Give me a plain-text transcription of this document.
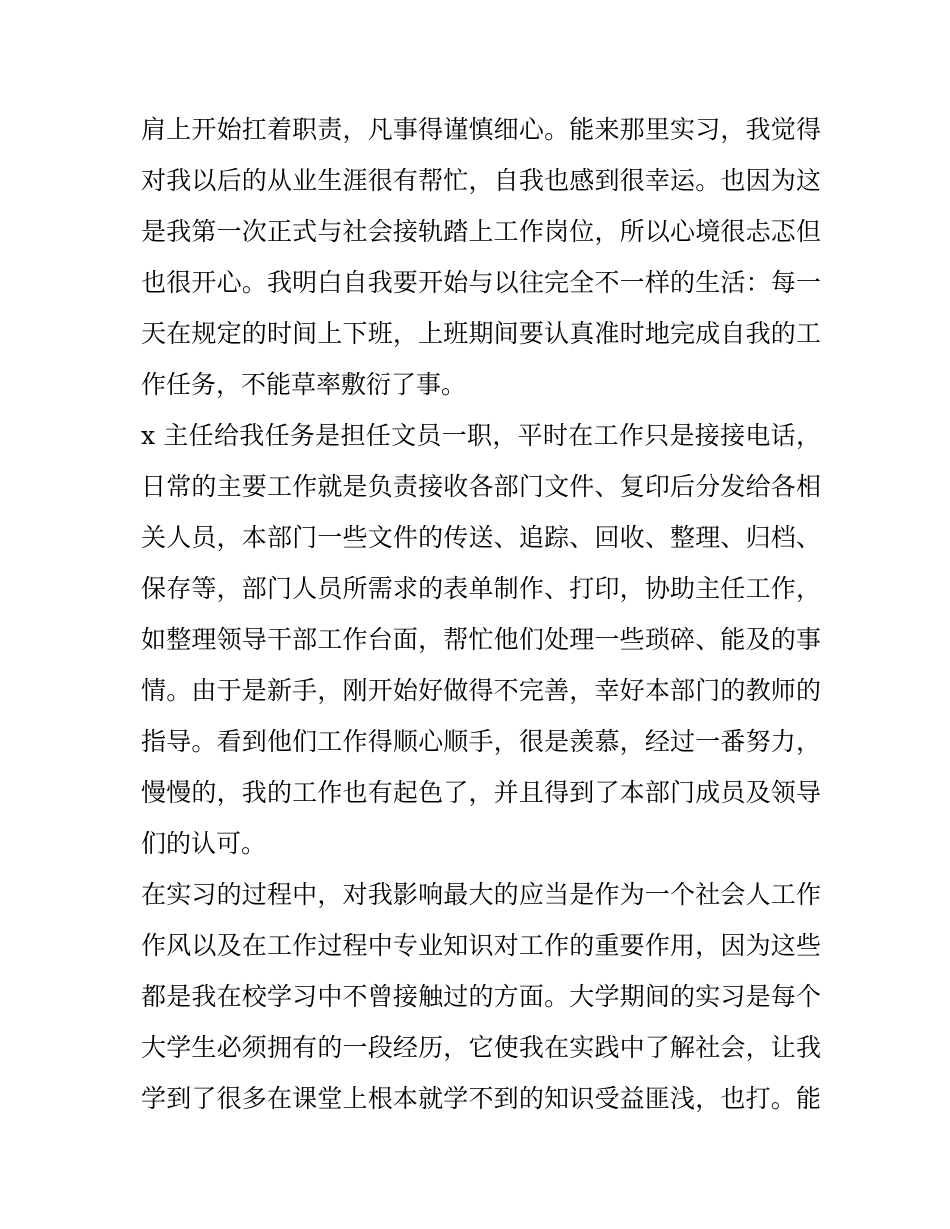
肩上开始扛着职责，凡事得谨慎细心。能来那里实习，我觉得
对我以后的从业生涯很有帮忙，自我也感到很幸运。也因为这
是我第一次正式与社会接轨踏上工作岗位，所以心境很忐忑但
也很开心。我明白自我要开始与以往完全不一样的生活：每一
天在规定的时间上下班，上班期间要认真准时地完成自我的工
作任务，不能草率敷衍了事。
x 主任给我任务是担任文员一职，平时在工作只是接接电话，
日常的主要工作就是负责接收各部门文件、复印后分发给各相
关人员，本部门一些文件的传送、追踪、回收、整理、归档、
保存等，部门人员所需求的表单制作、打印，协助主任工作，
如整理领导干部工作台面，帮忙他们处理一些琐碎、能及的事
情。由于是新手，刚开始好做得不完善，幸好本部门的教师的
指导。看到他们工作得顺心顺手，很是羡慕，经过一番努力，
慢慢的，我的工作也有起色了，并且得到了本部门成员及领导
们的认可。
在实习的过程中，对我影响最大的应当是作为一个社会人工作
作风以及在工作过程中专业知识对工作的重要作用，因为这些
都是我在校学习中不曾接触过的方面。大学期间的实习是每个
大学生必须拥有的一段经历，它使我在实践中了解社会，让我
学到了很多在课堂上根本就学不到的知识受益匪浅，也打。能
